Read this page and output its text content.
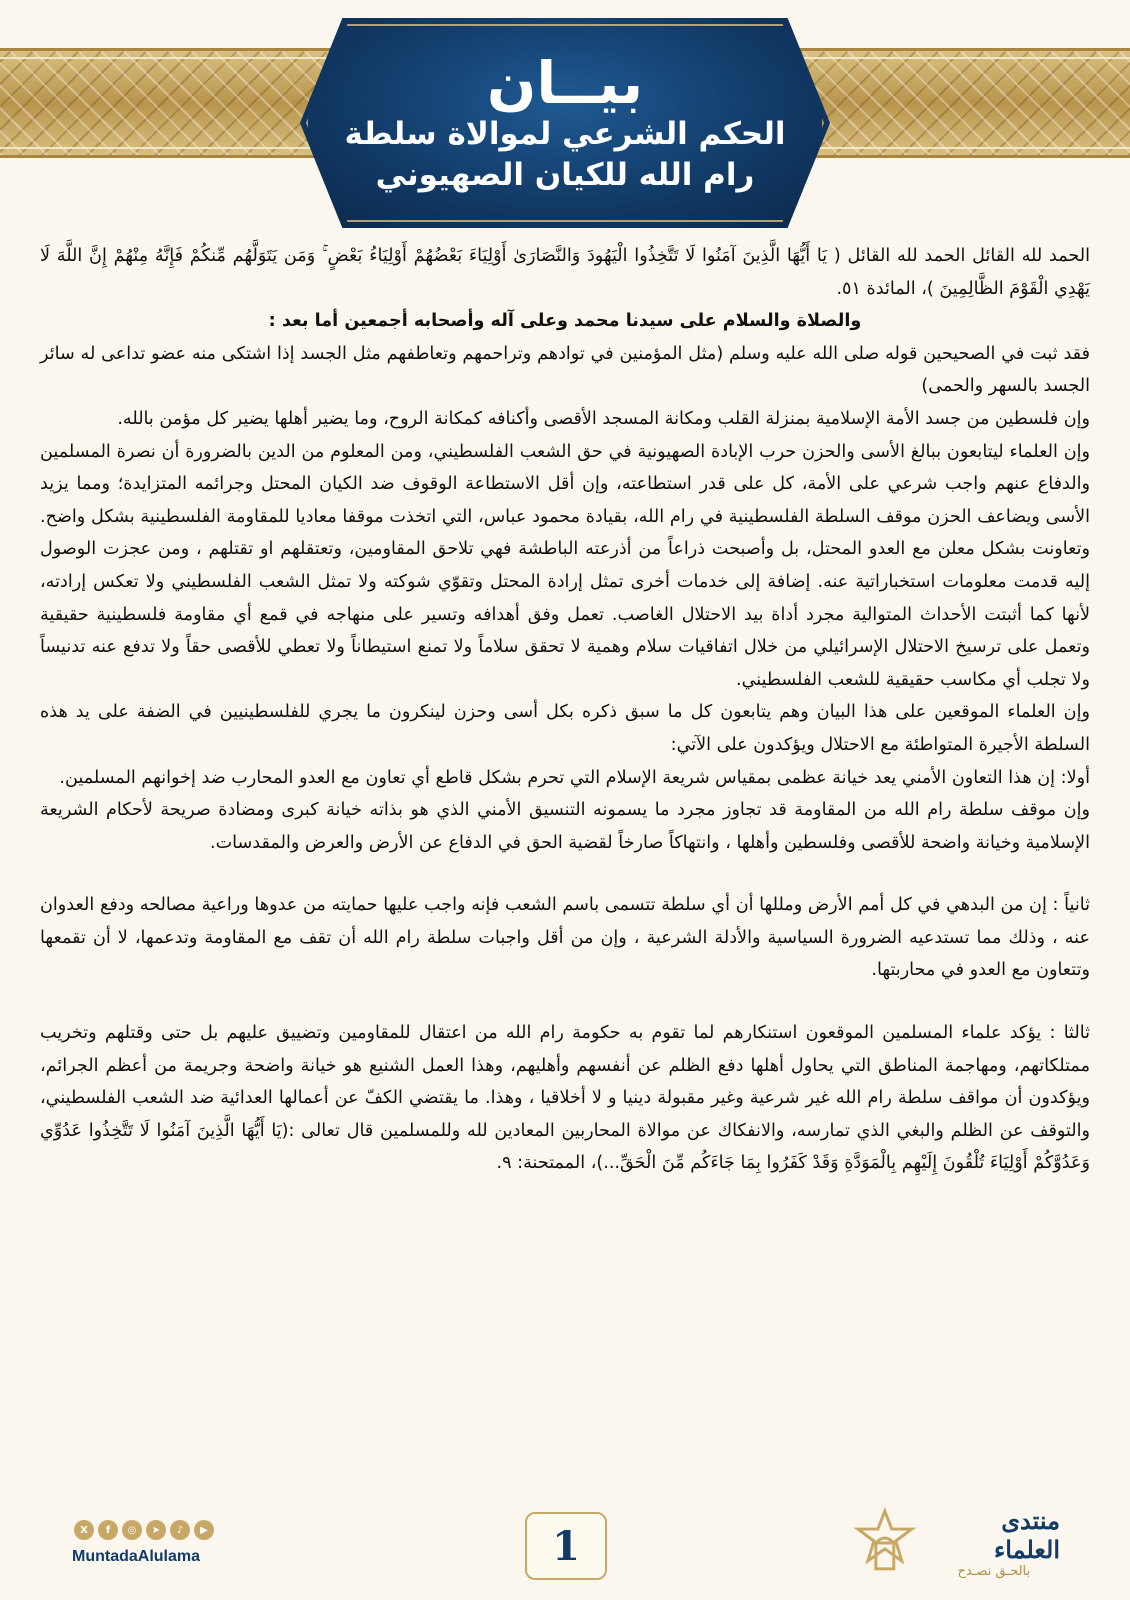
بيــان
الحكم الشرعي لموالاة سلطة
رام الله للكيان الصهيوني

الحمد لله القائل الحمد لله القائل ( يَا أَيُّهَا الَّذِينَ آمَنُوا لَا تَتَّخِذُوا الْيَهُودَ وَالنَّصَارَىٰ أَوْلِيَاءَ بَعْضُهُمْ أَوْلِيَاءُ بَعْضٍ ۚ وَمَن يَتَوَلَّهُم مِّنكُمْ فَإِنَّهُ مِنْهُمْ إِنَّ اللَّهَ لَا يَهْدِي الْقَوْمَ الظَّالِمِينَ )، المائدة ٥١.

والصلاة والسلام على سيدنا محمد وعلى آله وأصحابه أجمعين أما بعد :

فقد ثبت في الصحيحين قوله صلى الله عليه وسلم (مثل المؤمنين في توادهم وتراحمهم وتعاطفهم مثل الجسد إذا اشتكى منه عضو تداعى له سائر الجسد بالسهر والحمى)

وإن فلسطين من جسد الأمة الإسلامية بمنزلة القلب ومكانة المسجد الأقصى وأكنافه كمكانة الروح، وما يضير أهلها يضير كل مؤمن بالله.

وإن العلماء ليتابعون ببالغ الأسى والحزن حرب الإبادة الصهيونية في حق الشعب الفلسطيني، ومن المعلوم من الدين بالضرورة أن نصرة المسلمين والدفاع عنهم واجب شرعي على الأمة، كل على قدر استطاعته، وإن أقل الاستطاعة الوقوف ضد الكيان المحتل وجرائمه المتزايدة؛ ومما يزيد الأسى ويضاعف الحزن موقف السلطة الفلسطينية في رام الله، بقيادة محمود عباس، التي اتخذت موقفا معاديا للمقاومة الفلسطينية بشكل واضح. وتعاونت بشكل معلن مع العدو المحتل، بل وأصبحت ذراعاً من أذرعته الباطشة فهي تلاحق المقاومين، وتعتقلهم او تقتلهم ، ومن عجزت الوصول إليه قدمت معلومات استخباراتية عنه. إضافة إلى خدمات أخرى تمثل إرادة المحتل وتقوّي شوكته ولا تمثل الشعب الفلسطيني ولا تعكس إرادته، لأنها كما أثبتت الأحداث المتوالية مجرد أداة بيد الاحتلال الغاصب. تعمل وفق أهدافه وتسير على منهاجه في قمع أي مقاومة فلسطينية حقيقية وتعمل على ترسيخ الاحتلال الإسرائيلي من خلال اتفاقيات سلام وهمية لا تحقق سلاماً ولا تمنع استيطاناً ولا تعطي للأقصى حقاً ولا تدفع عنه تدنيساً ولا تجلب أي مكاسب حقيقية للشعب الفلسطيني.

وإن العلماء الموقعين على هذا البيان وهم يتابعون كل ما سبق ذكره بكل أسى وحزن لينكرون ما يجري للفلسطينيين في الضفة على يد هذه السلطة الأجيرة المتواطئة مع الاحتلال ويؤكدون على الآتي:

أولا: إن هذا التعاون الأمني يعد خيانة عظمى بمقياس شريعة الإسلام التي تحرم بشكل قاطع أي تعاون مع العدو المحارب ضد إخوانهم المسلمين.

وإن موقف سلطة رام الله من المقاومة قد تجاوز مجرد ما يسمونه التنسيق الأمني الذي هو بذاته خيانة كبرى ومضادة صريحة لأحكام الشريعة الإسلامية وخيانة واضحة للأقصى وفلسطين وأهلها ، وانتهاكاً صارخاً لقضية الحق في الدفاع عن الأرض والعرض والمقدسات.

ثانياً : إن من البدهي في كل أمم الأرض ومللها أن أي سلطة تتسمى باسم الشعب فإنه واجب عليها حمايته من عدوها وراعية مصالحه ودفع العدوان عنه ، وذلك مما تستدعيه الضرورة السياسية والأدلة الشرعية ، وإن من أقل واجبات سلطة رام الله أن تقف مع المقاومة وتدعمها، لا أن تقمعها وتتعاون مع العدو في محاربتها.

ثالثا : يؤكد علماء المسلمين الموقعون استنكارهم لما تقوم به حكومة رام الله من اعتقال للمقاومين وتضييق عليهم بل حتى وقتلهم وتخريب ممتلكاتهم، ومهاجمة المناطق التي يحاول أهلها دفع الظلم عن أنفسهم وأهليهم، وهذا العمل الشنيع هو خيانة واضحة وجريمة من أعظم الجرائم، ويؤكدون أن مواقف سلطة رام الله غير شرعية وغير مقبولة دينيا و لا أخلاقيا ، وهذا. ما يقتضي الكفّ عن أعمالها العدائية ضد الشعب الفلسطيني، والتوقف عن الظلم والبغي الذي تمارسه، والانفكاك عن موالاة المحاربين المعادين لله وللمسلمين قال تعالى :(يَا أَيُّهَا الَّذِينَ آمَنُوا لَا تَتَّخِذُوا عَدُوِّي وَعَدُوَّكُمْ أَوْلِيَاءَ تُلْقُونَ إِلَيْهِم بِالْمَوَدَّةِ وَقَدْ كَفَرُوا بِمَا جَاءَكُم مِّنَ الْحَقِّ...)، الممتحنة: ٩.

X	f	◎	➤	♪	▶
MuntadaAlulama	1
منتدى العلماء
بالحـق نصـدح
